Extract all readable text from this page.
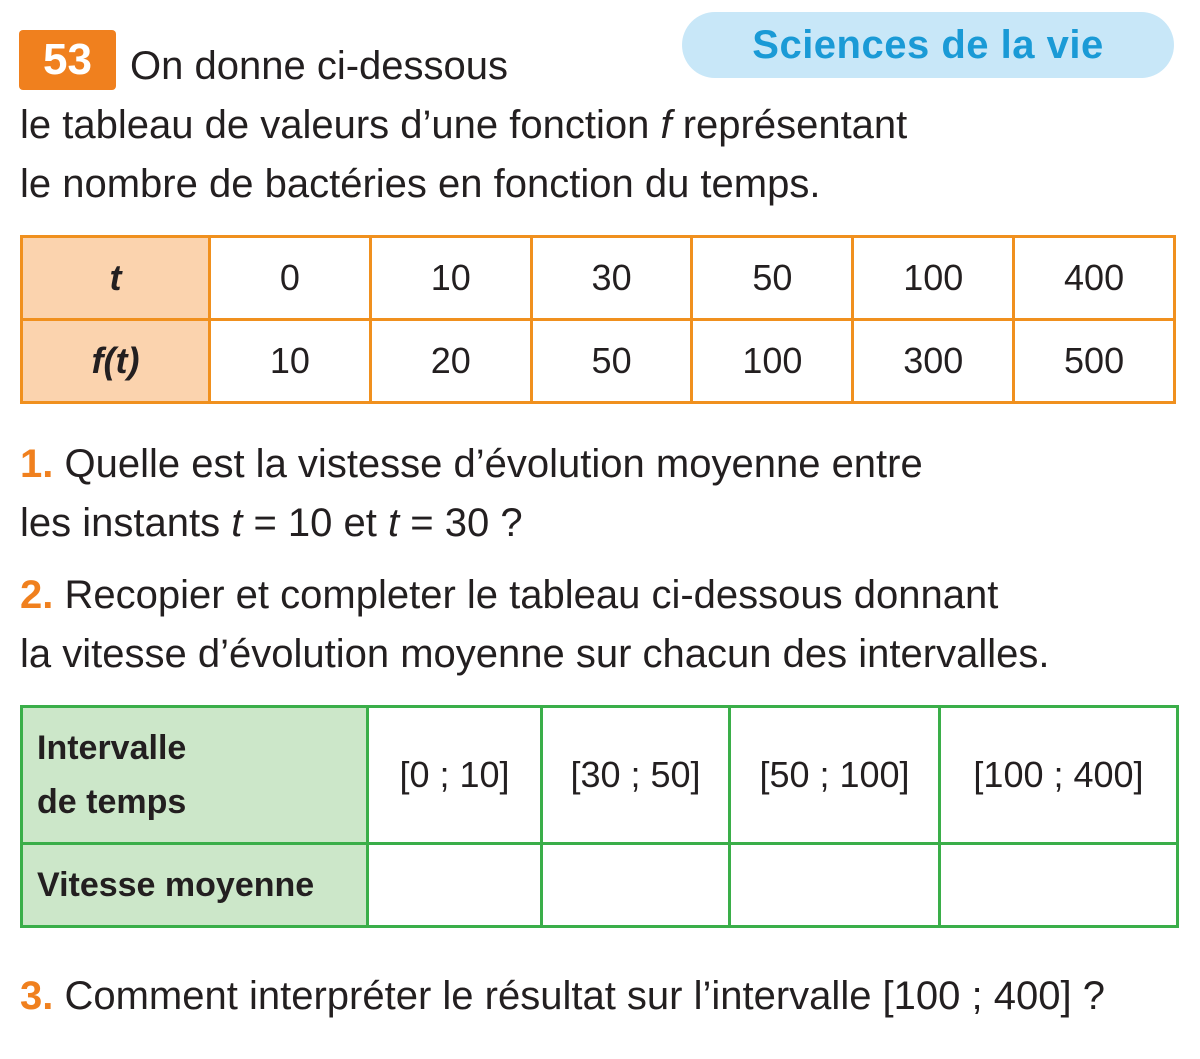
53	Sciences de la vie
On donne ci-dessous
le tableau de valeurs d’une fonction f représentant
le nombre de bactéries en fonction du temps.
t	0	10	30	50	100	400
f(t)	10	20	50	100	300	500
1. Quelle est la vistesse d’évolution moyenne entre
les instants t = 10 et t = 30 ?
2. Recopier et completer le tableau ci-dessous donnant
la vitesse d’évolution moyenne sur chacun des intervalles.
Intervalle
de temps	[0 ; 10]	[30 ; 50]	[50 ; 100]	[100 ; 400]
Vitesse moyenne				
3. Comment interpréter le résultat sur l’intervalle [100 ; 400] ?
